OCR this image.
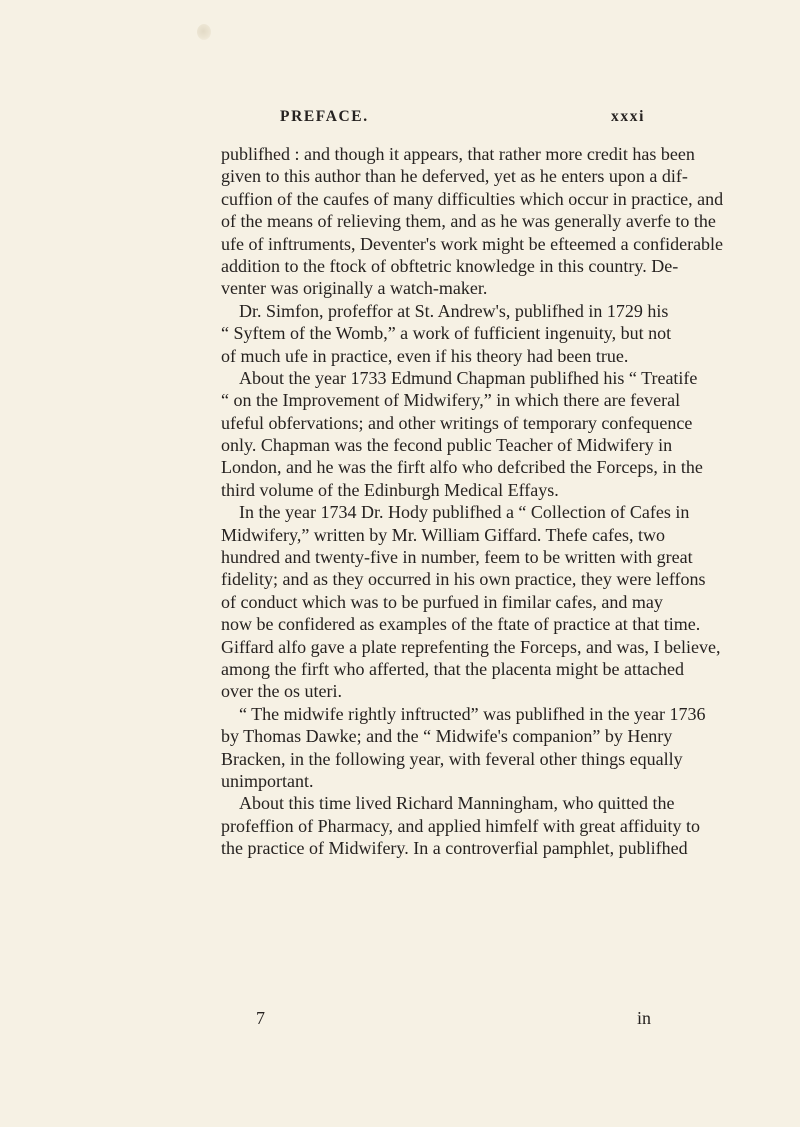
PREFACE.	xxxi
publifhed : and though it appears, that rather more credit has been
given to this author than he deferved, yet as he enters upon a dif-
cuffion of the caufes of many difficulties which occur in practice, and
of the means of relieving them, and as he was generally averfe to the
ufe of inftruments, Deventer's work might be efteemed a confiderable
addition to the ftock of obftetric knowledge in this country. De-
venter was originally a watch-maker.
Dr. Simfon, profeffor at St. Andrew's, publifhed in 1729 his
“ Syftem of the Womb,” a work of fufficient ingenuity, but not
of much ufe in practice, even if his theory had been true.
About the year 1733 Edmund Chapman publifhed his “ Treatife
“ on the Improvement of Midwifery,” in which there are feveral
ufeful obfervations; and other writings of temporary confequence
only. Chapman was the fecond public Teacher of Midwifery in
London, and he was the firft alfo who defcribed the Forceps, in the
third volume of the Edinburgh Medical Effays.
In the year 1734 Dr. Hody publifhed a “ Collection of Cafes in
Midwifery,” written by Mr. William Giffard. Thefe cafes, two
hundred and twenty-five in number, feem to be written with great
fidelity; and as they occurred in his own practice, they were leffons
of conduct which was to be purfued in fimilar cafes, and may
now be confidered as examples of the ftate of practice at that time.
Giffard alfo gave a plate reprefenting the Forceps, and was, I believe,
among the firft who afferted, that the placenta might be attached
over the os uteri.
“ The midwife rightly inftructed” was publifhed in the year 1736
by Thomas Dawke; and the “ Midwife's companion” by Henry
Bracken, in the following year, with feveral other things equally
unimportant.
About this time lived Richard Manningham, who quitted the
profeffion of Pharmacy, and applied himfelf with great affiduity to
the practice of Midwifery. In a controverfial pamphlet, publifhed
7	in
